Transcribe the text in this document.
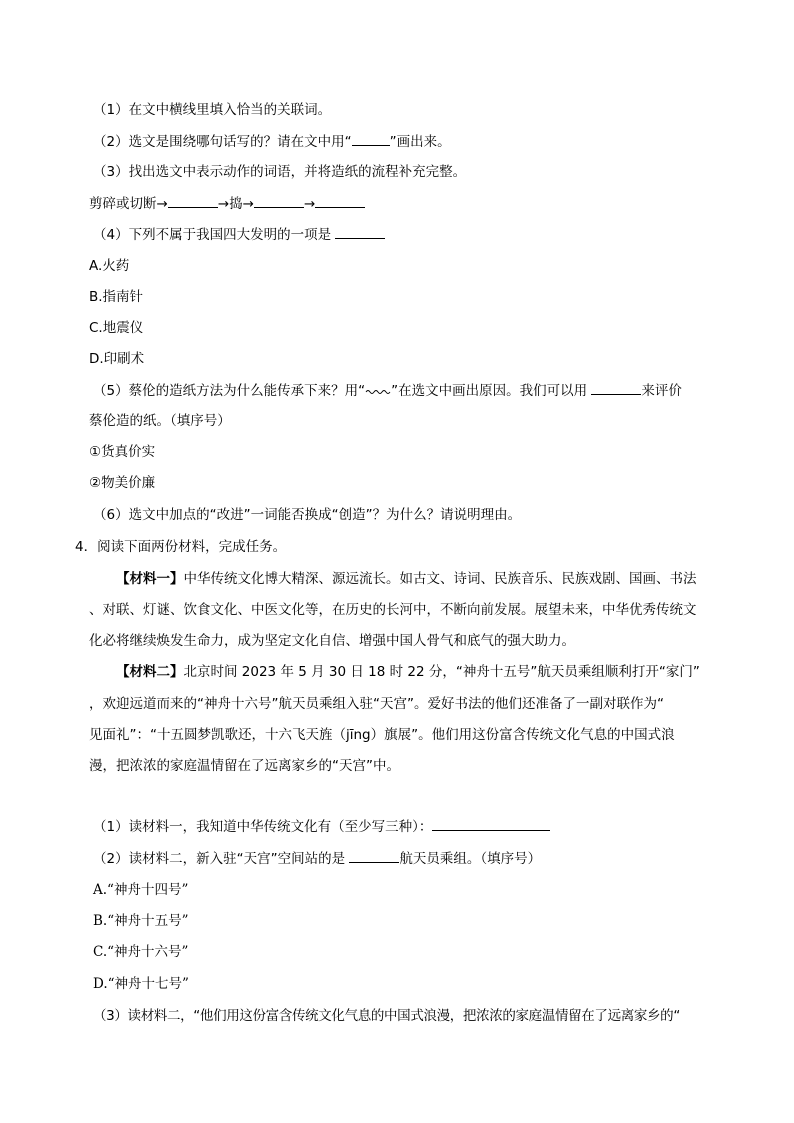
（1）在文中横线里填入恰当的关联词。
（2）选文是围绕哪句话写的？请在文中用“	”画出来。
（3）找出选文中表示动作的词语，并将造纸的流程补充完整。
剪碎或切断→	→捣→	→
（4）下列不属于我国四大发明的一项是
A.火药
B.指南针
C.地震仪
D.印刷术
（5）蔡伦的造纸方法为什么能传承下来？用“ ”在选文中画出原因。我们可以用	来评价
蔡伦造的纸。（填序号）
①货真价实
②物美价廉
（6）选文中加点的“改进”一词能否换成“创造”？为什么？请说明理由。
4．阅读下面两份材料，完成任务。
【材料一】中华传统文化博大精深、源远流长。如古文、诗词、民族音乐、民族戏剧、国画、书法
、对联、灯谜、饮食文化、中医文化等，在历史的长河中，不断向前发展。展望未来，中华优秀传统文
化必将继续焕发生命力，成为坚定文化自信、增强中国人骨气和底气的强大助力。
【材料二】北京时间 2023 年 5 月 30 日 18 时 22 分，“神舟十五号”航天员乘组顺利打开“家门”
，欢迎远道而来的“神舟十六号”航天员乘组入驻“天宫”。爱好书法的他们还准备了一副对联作为“
见面礼”：“十五圆梦凯歌还，十六飞天旌（jīng）旗展”。他们用这份富含传统文化气息的中国式浪
漫，把浓浓的家庭温情留在了远离家乡的“天宫”中。
（1）读材料一，我知道中华传统文化有（至少写三种）：
（2）读材料二，新入驻“天宫”空间站的是	航天员乘组。（填序号）
A.“神舟十四号”
B.“神舟十五号”
C.“神舟十六号”
D.“神舟十七号”
（3）读材料二，“他们用这份富含传统文化气息的中国式浪漫，把浓浓的家庭温情留在了远离家乡的“
